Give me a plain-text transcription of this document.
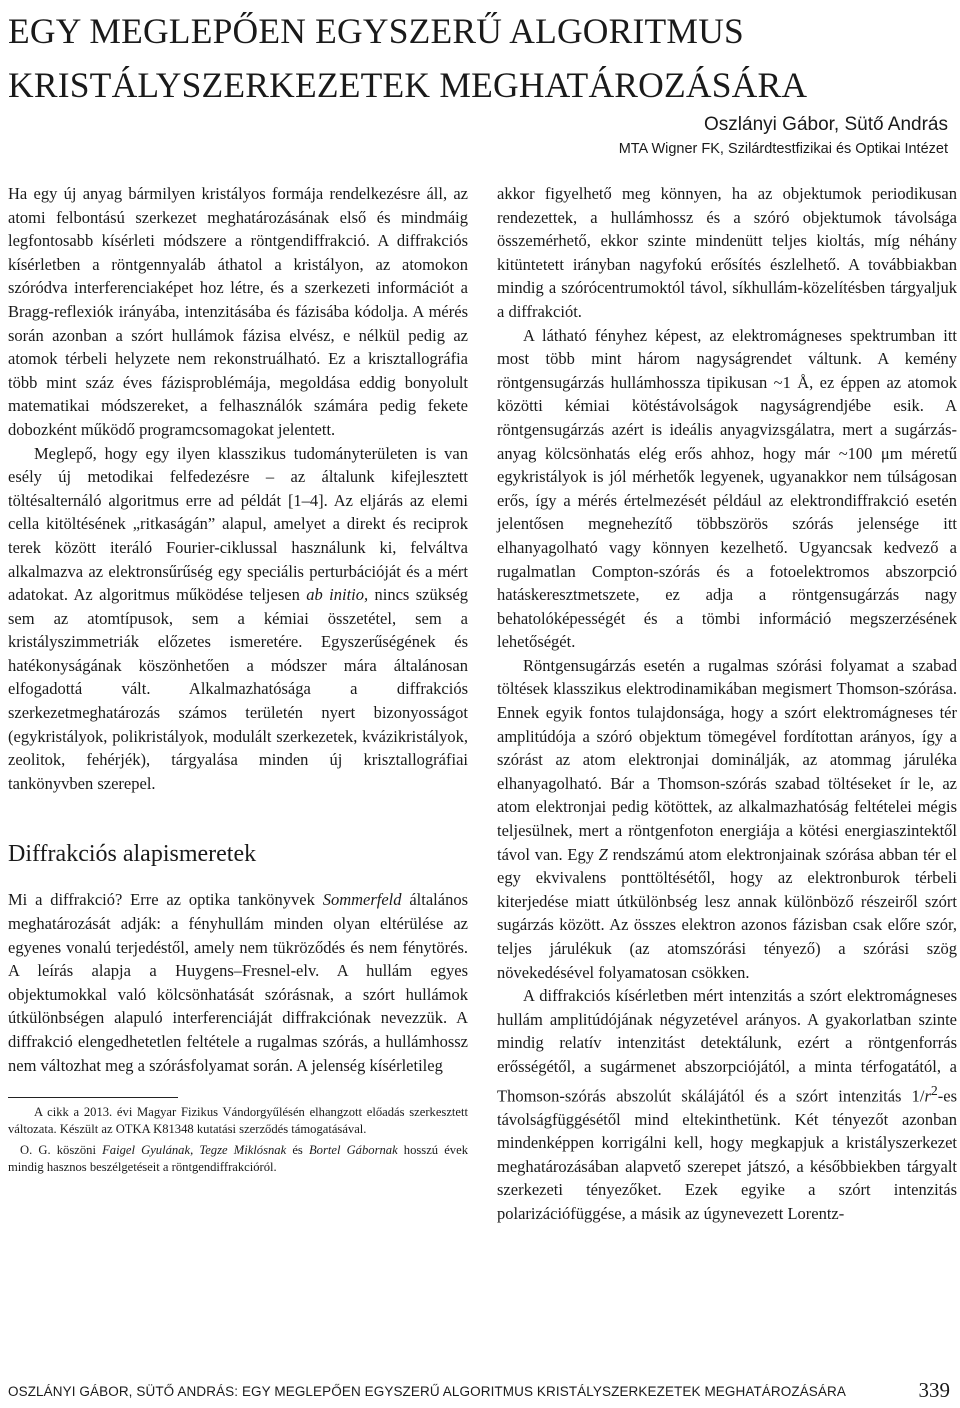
EGY MEGLEPŐEN EGYSZERŰ ALGORITMUS
KRISTÁLYSZERKEZETEK MEGHATÁROZÁSÁRA
Oszlányi Gábor, Sütő András
MTA Wigner FK, Szilárdtestfizikai és Optikai Intézet

Ha egy új anyag bármilyen kristályos formája rendelkezésre áll, az atomi felbontású szerkezet meghatározásának első és mindmáig legfontosabb kísérleti módszere a röntgendiffrakció. A diffrakciós kísérletben a röntgennyaláb áthatol a kristályon, az atomokon szóródva interferenciaképet hoz létre, és a szerkezeti információt a Bragg-reflexiók irányába, intenzitásába és fázisába kódolja. A mérés során azonban a szórt hullámok fázisa elvész, e nélkül pedig az atomok térbeli helyzete nem rekonstruálható. Ez a krisztallográfia több mint száz éves fázisproblémája, megoldása eddig bonyolult matematikai módszereket, a felhasználók számára pedig fekete dobozként működő programcsomagokat jelentett.

Meglepő, hogy egy ilyen klasszikus tudományterületen is van esély új metodikai felfedezésre – az általunk kifejlesztett töltésalternáló algoritmus erre ad példát [1–4]. Az eljárás az elemi cella kitöltésének „ritkaságán” alapul, amelyet a direkt és reciprok terek között iteráló Fourier-ciklussal használunk ki, felváltva alkalmazva az elektronsűrűség egy speciális perturbációját és a mért adatokat. Az algoritmus működése teljesen ab initio, nincs szükség sem az atomtípusok, sem a kémiai összetétel, sem a kristályszimmetriák előzetes ismeretére. Egyszerűségének és hatékonyságának köszönhetően a módszer mára általánosan elfogadottá vált. Alkalmazhatósága a diffrakciós szerkezetmeghatározás számos területén nyert bizonyosságot (egykristályok, polikristályok, modulált szerkezetek, kvázikristályok, zeolitok, fehérjék), tárgyalása minden új krisztallográfiai tankönyvben szerepel.

Diffrakciós alapismeretek

Mi a diffrakció? Erre az optika tankönyvek Sommerfeld általános meghatározását adják: a fényhullám minden olyan eltérülése az egyenes vonalú terjedéstől, amely nem tükröződés és nem fénytörés. A leírás alapja a Huygens–Fresnel-elv. A hullám egyes objektumokkal való kölcsönhatását szórásnak, a szórt hullámok útkülönbségen alapuló interferenciáját diffrakciónak nevezzük. A diffrakció elengedhetetlen feltétele a rugalmas szórás, a hullámhossz nem változhat meg a szórásfolyamat során. A jelenség kísérletileg

A cikk a 2013. évi Magyar Fizikus Vándorgyűlésén elhangzott előadás szerkesztett változata. Készült az OTKA K81348 kutatási szerződés támogatásával.

O. G. köszöni Faigel Gyulának, Tegze Miklósnak és Bortel Gábornak hosszú évek mindig hasznos beszélgetéseit a röntgendiffrakcióról.

akkor figyelhető meg könnyen, ha az objektumok periodikusan rendezettek, a hullámhossz és a szóró objektumok távolsága összemérhető, ekkor szinte mindenütt teljes kioltás, míg néhány kitüntetett irányban nagyfokú erősítés észlelhető. A továbbiakban mindig a szórócentrumoktól távol, síkhullám-közelítésben tárgyaljuk a diffrakciót.

A látható fényhez képest, az elektromágneses spektrumban itt most több mint három nagyságrendet váltunk. A kemény röntgensugárzás hullámhossza tipikusan ~1 Å, ez éppen az atomok közötti kémiai kötéstávolságok nagyságrendjébe esik. A röntgensugárzás azért is ideális anyagvizsgálatra, mert a sugárzás-anyag kölcsönhatás elég erős ahhoz, hogy már ~100 μm méretű egykristályok is jól mérhetők legyenek, ugyanakkor nem túlságosan erős, így a mérés értelmezését például az elektrondiffrakció esetén jelentősen megnehezítő többszörös szórás jelensége itt elhanyagolható vagy könnyen kezelhető. Ugyancsak kedvező a rugalmatlan Compton-szórás és a fotoelektromos abszorpció hatáskeresztmetszete, ez adja a röntgensugárzás nagy behatolóképességét és a tömbi információ megszerzésének lehetőségét.

Röntgensugárzás esetén a rugalmas szórási folyamat a szabad töltések klasszikus elektrodinamikában megismert Thomson-szórása. Ennek egyik fontos tulajdonsága, hogy a szórt elektromágneses tér amplitúdója a szóró objektum tömegével fordítottan arányos, így a szórást az atom elektronjai dominálják, az atommag járuléka elhanyagolható. Bár a Thomson-szórás szabad töltéseket ír le, az atom elektronjai pedig kötöttek, az alkalmazhatóság feltételei mégis teljesülnek, mert a röntgenfoton energiája a kötési energiaszintektől távol van. Egy Z rendszámú atom elektronjainak szórása abban tér el egy ekvivalens ponttöltésétől, hogy az elektronburok térbeli kiterjedése miatt útkülönbség lesz annak különböző részeiről szórt sugárzás között. Az összes elektron azonos fázisban csak előre szór, teljes járulékuk (az atomszórási tényező) a szórási szög növekedésével folyamatosan csökken.

A diffrakciós kísérletben mért intenzitás a szórt elektromágneses hullám amplitúdójának négyzetével arányos. A gyakorlatban szinte mindig relatív intenzitást detektálunk, ezért a röntgenforrás erősségétől, a sugármenet abszorpciójától, a minta térfogatától, a Thomson-szórás abszolút skálájától és a szórt intenzitás $1/r^2-es$ távolságfüggésétől mind eltekinthetünk. Két tényezőt azonban mindenképpen korrigálni kell, hogy megkapjuk a kristályszerkezet meghatározásában alapvető szerepet játszó, a későbbiekben tárgyalt szerkezeti tényezőket. Ezek egyike a szórt intenzitás polarizációfüggése, a másik az úgynevezett Lorentz-

OSZLÁNYI GÁBOR, SÜTŐ ANDRÁS: EGY MEGLEPŐEN EGYSZERŰ ALGORITMUS KRISTÁLYSZERKEZETEK MEGHATÁROZÁSÁRA	339
